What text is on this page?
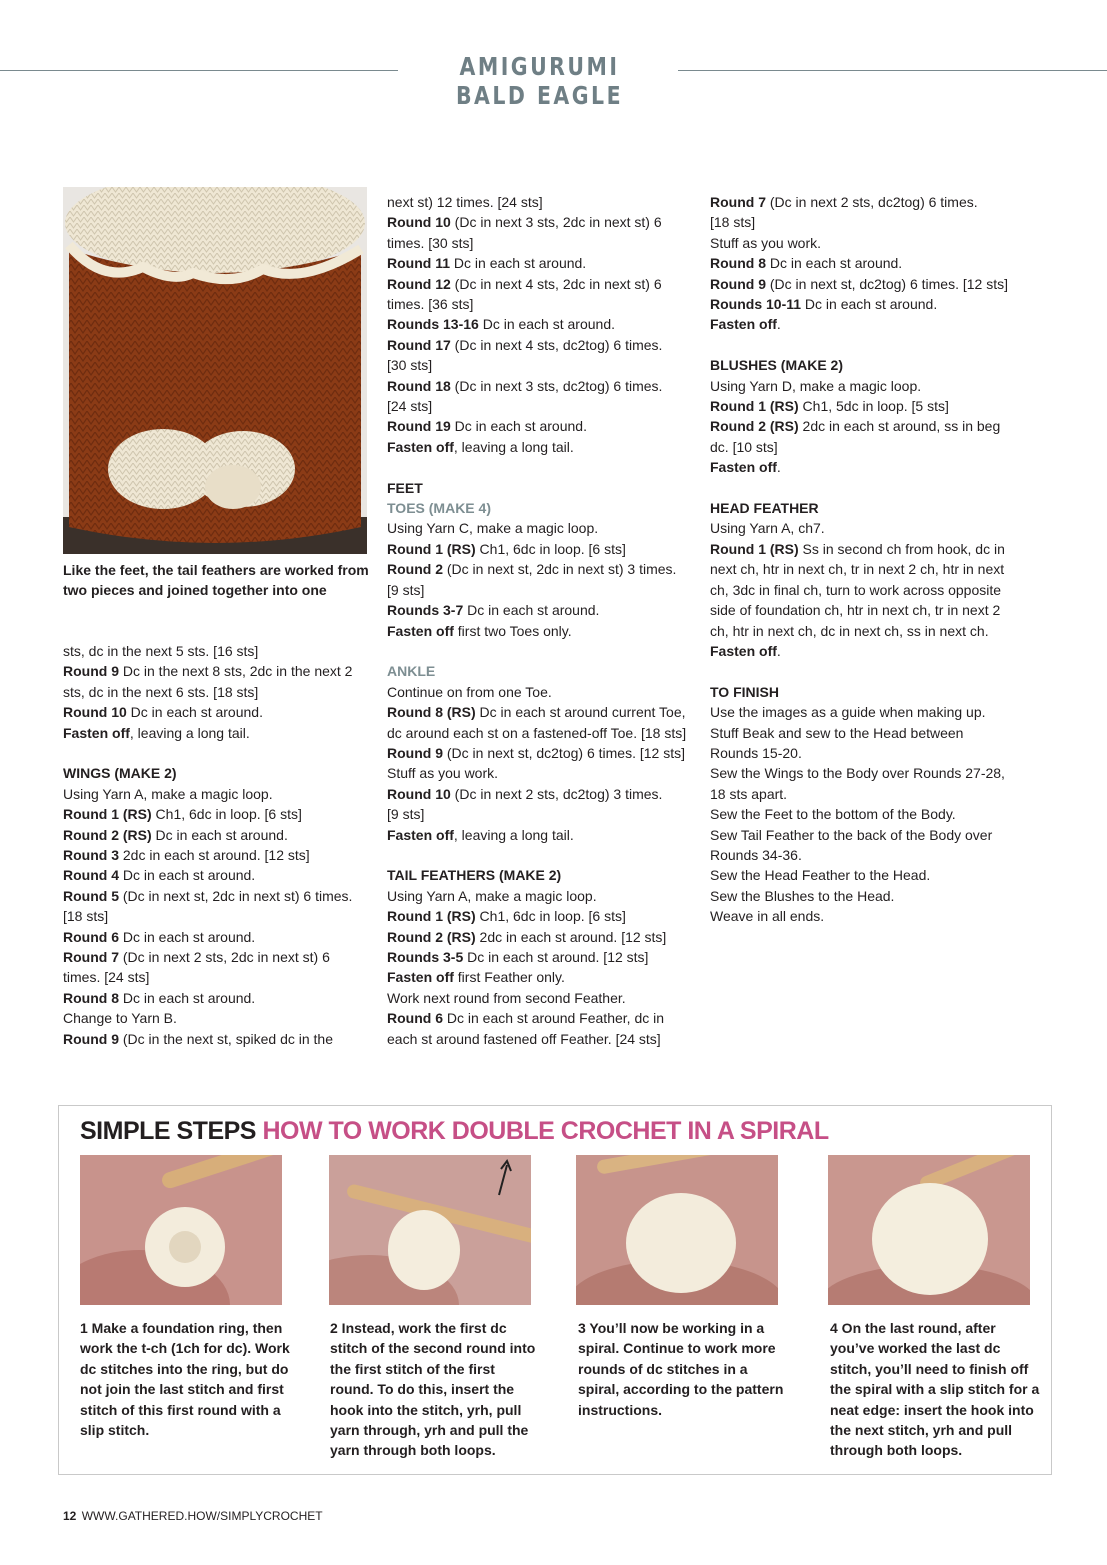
AMIGURUMI BALD EAGLE
Like the feet, the tail feathers are worked from two pieces and joined together into one

sts, dc in the next 5 sts. [16 sts]

Round 9 Dc in the next 8 sts, 2dc in the next 2

sts, dc in the next 6 sts. [18 sts]

Round 10 Dc in each st around.

Fasten off, leaving a long tail.

WINGS (MAKE 2)

Using Yarn A, make a magic loop.

Round 1 (RS) Ch1, 6dc in loop. [6 sts]

Round 2 (RS) Dc in each st around.

Round 3 2dc in each st around. [12 sts]

Round 4 Dc in each st around.

Round 5 (Dc in next st, 2dc in next st) 6 times.

[18 sts]

Round 6 Dc in each st around.

Round 7 (Dc in next 2 sts, 2dc in next st) 6

times. [24 sts]

Round 8 Dc in each st around.

Change to Yarn B.

Round 9 (Dc in the next st, spiked dc in the

next st) 12 times. [24 sts]

Round 10 (Dc in next 3 sts, 2dc in next st) 6

times. [30 sts]

Round 11 Dc in each st around.

Round 12 (Dc in next 4 sts, 2dc in next st) 6

times. [36 sts]

Rounds 13-16 Dc in each st around.

Round 17 (Dc in next 4 sts, dc2tog) 6 times.

[30 sts]

Round 18 (Dc in next 3 sts, dc2tog) 6 times.

[24 sts]

Round 19 Dc in each st around.

Fasten off, leaving a long tail.

FEET

TOES (MAKE 4)

Using Yarn C, make a magic loop.

Round 1 (RS) Ch1, 6dc in loop. [6 sts]

Round 2 (Dc in next st, 2dc in next st) 3 times.

[9 sts]

Rounds 3-7 Dc in each st around.

Fasten off first two Toes only.

ANKLE

Continue on from one Toe.

Round 8 (RS) Dc in each st around current Toe,

dc around each st on a fastened-off Toe. [18 sts]

Round 9 (Dc in next st, dc2tog) 6 times. [12 sts]

Stuff as you work.

Round 10 (Dc in next 2 sts, dc2tog) 3 times.

[9 sts]

Fasten off, leaving a long tail.

TAIL FEATHERS (MAKE 2)

Using Yarn A, make a magic loop.

Round 1 (RS) Ch1, 6dc in loop. [6 sts]

Round 2 (RS) 2dc in each st around. [12 sts]

Rounds 3-5 Dc in each st around. [12 sts]

Fasten off first Feather only.

Work next round from second Feather.

Round 6 Dc in each st around Feather, dc in

each st around fastened off Feather. [24 sts]

Round 7 (Dc in next 2 sts, dc2tog) 6 times.

[18 sts]

Stuff as you work.

Round 8 Dc in each st around.

Round 9 (Dc in next st, dc2tog) 6 times. [12 sts]

Rounds 10-11 Dc in each st around.

Fasten off.

BLUSHES (MAKE 2)

Using Yarn D, make a magic loop.

Round 1 (RS) Ch1, 5dc in loop. [5 sts]

Round 2 (RS) 2dc in each st around, ss in beg

dc. [10 sts]

Fasten off.

HEAD FEATHER

Using Yarn A, ch7.

Round 1 (RS) Ss in second ch from hook, dc in

next ch, htr in next ch, tr in next 2 ch, htr in next

ch, 3dc in final ch, turn to work across opposite

side of foundation ch, htr in next ch, tr in next 2

ch, htr in next ch, dc in next ch, ss in next ch.

Fasten off.

TO FINISH

Use the images as a guide when making up.

Stuff Beak and sew to the Head between

Rounds 15-20.

Sew the Wings to the Body over Rounds 27-28,

18 sts apart.

Sew the Feet to the bottom of the Body.

Sew Tail Feather to the back of the Body over

Rounds 34-36.

Sew the Head Feather to the Head.

Sew the Blushes to the Head.

Weave in all ends.

SIMPLE STEPS HOW TO WORK DOUBLE CROCHET IN A SPIRAL
1 Make a foundation ring, then work the t-ch (1ch for dc). Work dc stitches into the ring, but do not join the last stitch and first stitch of this first round with a slip stitch.
2 Instead, work the first dc stitch of the second round into the first stitch of the first round. To do this, insert the hook into the stitch, yrh, pull yarn through, yrh and pull the yarn through both loops.
3 You’ll now be working in a spiral. Continue to work more rounds of dc stitches in a spiral, according to the pattern instructions.
4 On the last round, after you’ve worked the last dc stitch, you’ll need to finish off the spiral with a slip stitch for a neat edge: insert the hook into the next stitch, yrh and pull through both loops.
12 WWW.GATHERED.HOW/SIMPLYCROCHET
